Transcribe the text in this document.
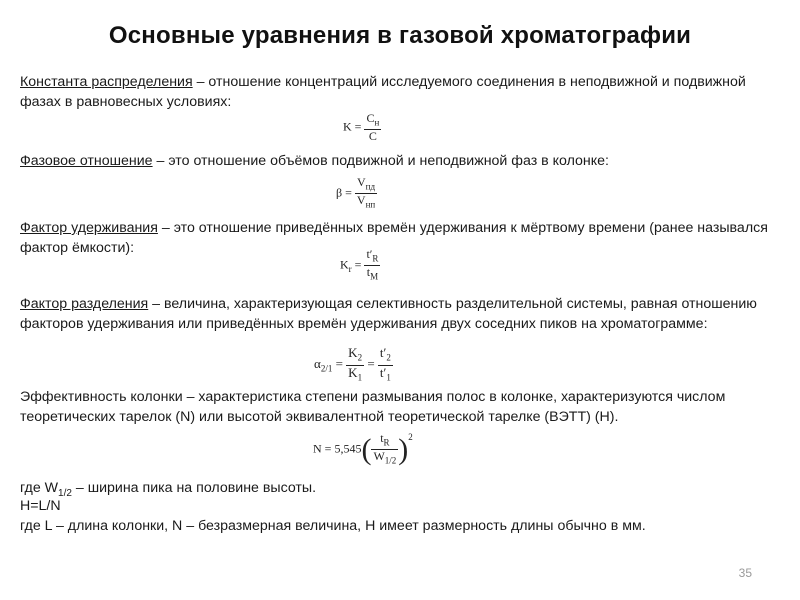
Основные уравнения в газовой хроматографии
Константа распределения – отношение концентраций исследуемого соединения в неподвижной и подвижной фазах в равновесных условиях:
$K = \frac{C_н}{C}$
Фазовое отношение – это отношение объёмов подвижной и неподвижной фаз в колонке:
$\beta = \frac{V_{пд}}{V_{нп}}$
Фактор удерживания – это отношение приведённых времён удерживания к мёртвому времени (ранее назывался фактор ёмкости):
$K_r = \frac{t'_R}{t_M}$
Фактор разделения – величина, характеризующая селективность разделительной системы, равная отношению факторов удерживания или приведённых времён удерживания двух соседних пиков на хроматограмме:
$\alpha_{2/1} = \frac{K_2}{K_1} = \frac{t'_2}{t'_1}$
Эффективность колонки – характеристика степени размывания полос в колонке, характеризуются числом теоретических тарелок (N) или высотой эквивалентной теоретической тарелке (ВЭТТ) (H).
$N = 5,545( \frac{t_R}{W_{1/2}} )^2$
где $W_{1/2}$ – ширина пика на половине высоты.
H=L/N
где L – длина колонки, N – безразмерная величина, H имеет размерность длины обычно в мм.
35
